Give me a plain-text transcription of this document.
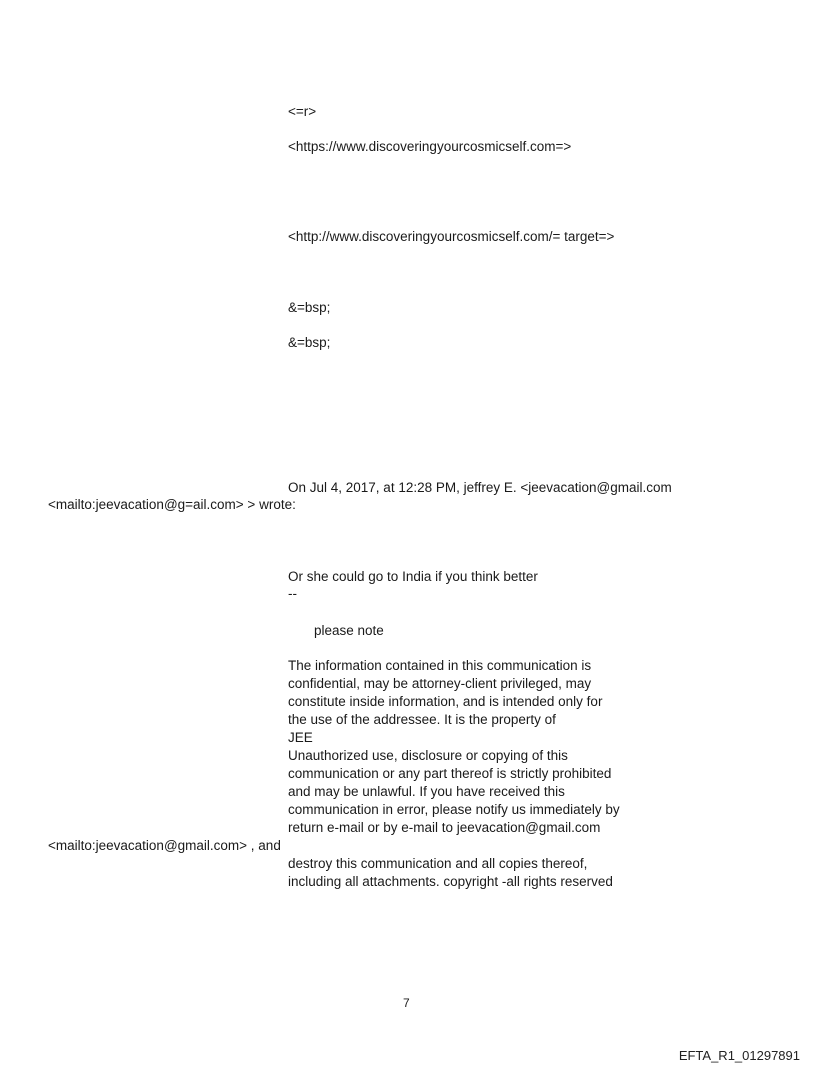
<=r>
<https://www.discoveringyourcosmicself.com=>
<http://www.discoveringyourcosmicself.com/= target=>
&=bsp;
&=bsp;
On Jul 4, 2017, at 12:28 PM, jeffrey E. <jeevacation@gmail.com
<mailto:jeevacation@g=ail.com> > wrote:
Or she could go to India if you think better
--
please note
The information contained in this communication is
confidential, may be attorney-client privileged, may
constitute inside information, and is intended only for
the use of the addressee. It is the property of
JEE
Unauthorized use, disclosure or copying of this
communication or any part thereof is strictly prohibited
and may be unlawful. If you have received this
communication in error, please notify us immediately by
return e-mail or by e-mail to jeevacation@gmail.com
<mailto:jeevacation@gmail.com> , and
destroy this communication and all copies thereof,
including all attachments. copyright -all rights reserved
7
EFTA_R1_01297891
